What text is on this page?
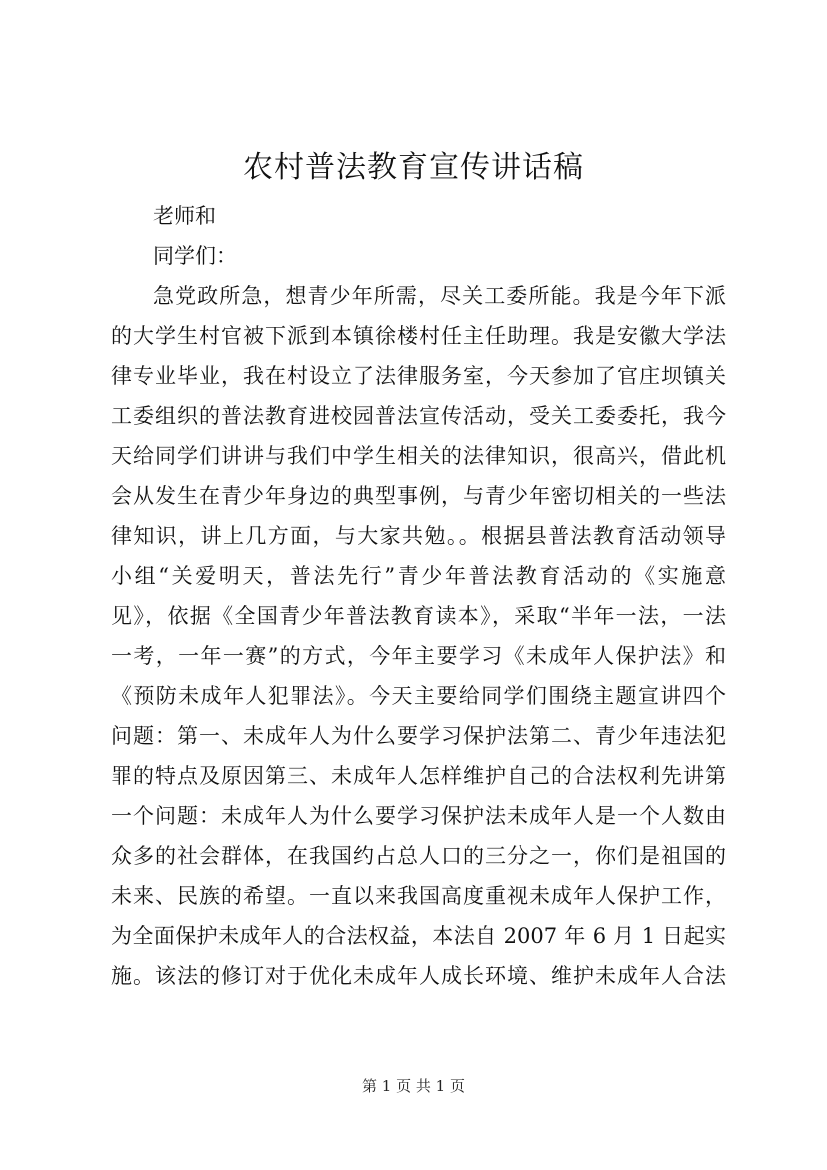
农村普法教育宣传讲话稿
老师和
同学们：
急党政所急，想青少年所需，尽关工委所能。我是今年下派
的大学生村官被下派到本镇徐楼村任主任助理。我是安徽大学法
律专业毕业，我在村设立了法律服务室，今天参加了官庄坝镇关
工委组织的普法教育进校园普法宣传活动，受关工委委托，我今
天给同学们讲讲与我们中学生相关的法律知识，很高兴，借此机
会从发生在青少年身边的典型事例，与青少年密切相关的一些法
律知识，讲上几方面，与大家共勉。。根据县普法教育活动领导
小组“关爱明天，普法先行”青少年普法教育活动的《实施意
见》，依据《全国青少年普法教育读本》，采取“半年一法，一法
一考，一年一赛”的方式，今年主要学习《未成年人保护法》和
《预防未成年人犯罪法》。今天主要给同学们围绕主题宣讲四个
问题：第一、未成年人为什么要学习保护法第二、青少年违法犯
罪的特点及原因第三、未成年人怎样维护自己的合法权利先讲第
一个问题：未成年人为什么要学习保护法未成年人是一个人数由
众多的社会群体，在我国约占总人口的三分之一，你们是祖国的
未来、民族的希望。一直以来我国高度重视未成年人保护工作，
为全面保护未成年人的合法权益，本法自 2007 年 6 月 1 日起实
施。该法的修订对于优化未成年人成长环境、维护未成年人合法
第 1 页 共 1 页
